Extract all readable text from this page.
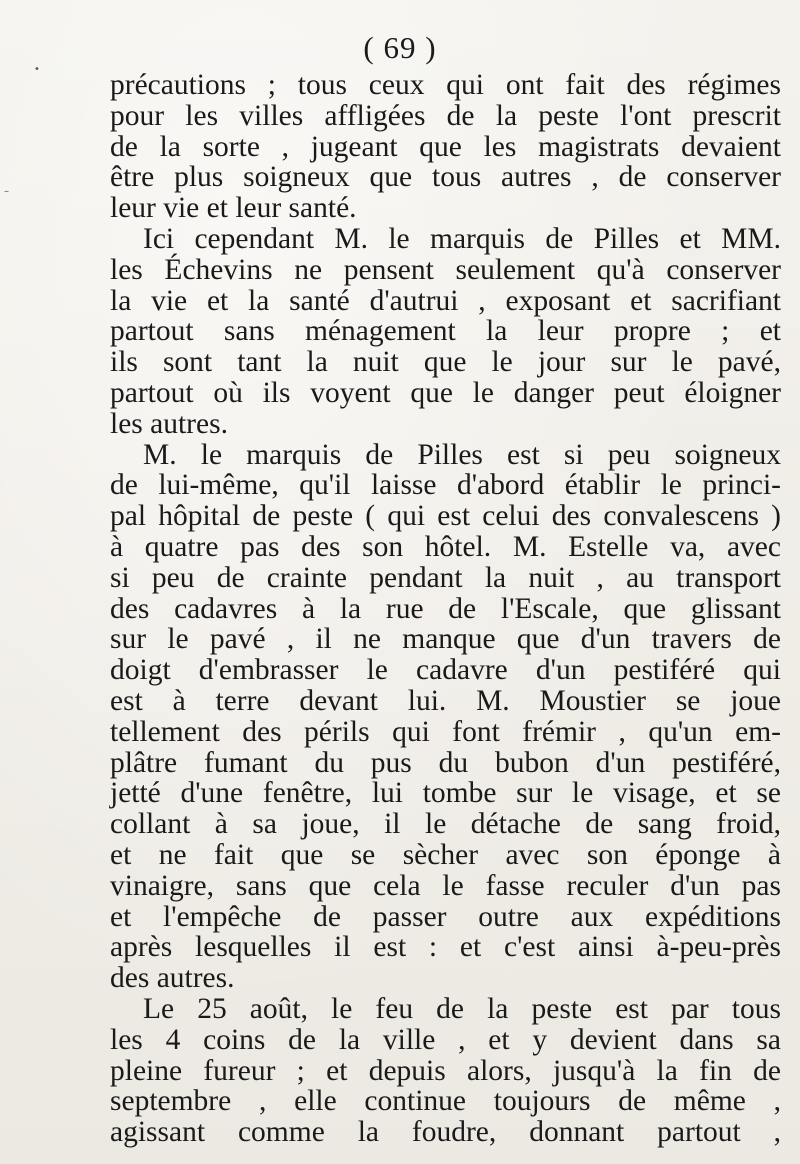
( 69 )
précautions ; tous ceux qui ont fait des régimes
pour les villes affligées de la peste l'ont prescrit
de la sorte , jugeant que les magistrats devaient
être plus soigneux que tous autres , de conserver
leur vie et leur santé.
Ici cependant M. le marquis de Pilles et MM.
les Échevins ne pensent seulement qu'à conserver
la vie et la santé d'autrui , exposant et sacrifiant
partout sans ménagement la leur propre ; et
ils sont tant la nuit que le jour sur le pavé,
partout où ils voyent que le danger peut éloigner
les autres.
M. le marquis de Pilles est si peu soigneux
de lui-même, qu'il laisse d'abord établir le princi-
pal hôpital de peste ( qui est celui des convalescens )
à quatre pas des son hôtel. M. Estelle va, avec
si peu de crainte pendant la nuit , au transport
des cadavres à la rue de l'Escale, que glissant
sur le pavé , il ne manque que d'un travers de
doigt d'embrasser le cadavre d'un pestiféré qui
est à terre devant lui. M. Moustier se joue
tellement des périls qui font frémir , qu'un em-
plâtre fumant du pus du bubon d'un pestiféré,
jetté d'une fenêtre, lui tombe sur le visage, et se
collant à sa joue, il le détache de sang froid,
et ne fait que se sècher avec son éponge à
vinaigre, sans que cela le fasse reculer d'un pas
et l'empêche de passer outre aux expéditions
après lesquelles il est : et c'est ainsi à-peu-près
des autres.
Le 25 août, le feu de la peste est par tous
les 4 coins de la ville , et y devient dans sa
pleine fureur ; et depuis alors, jusqu'à la fin de
septembre , elle continue toujours de même ,
agissant comme la foudre, donnant partout ,
•
–
